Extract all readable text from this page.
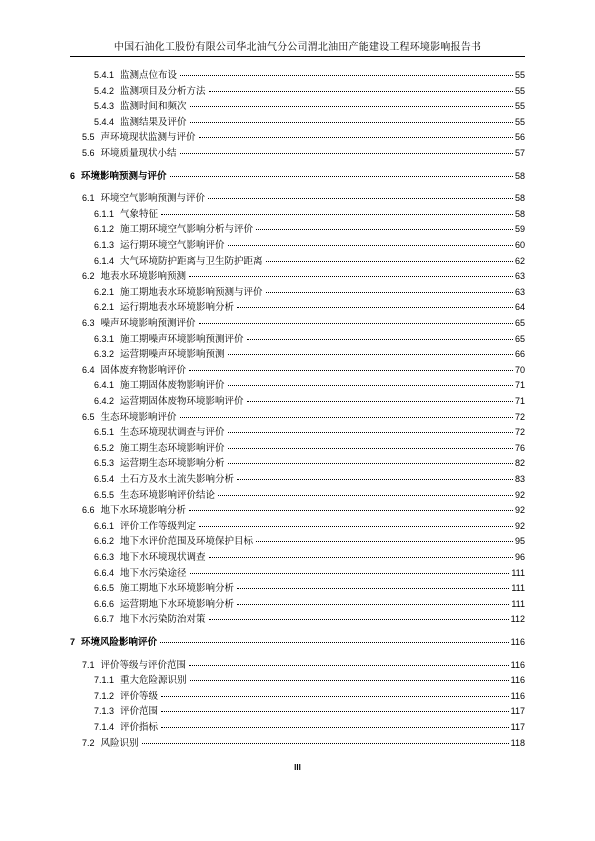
中国石油化工股份有限公司华北油气分公司渭北油田产能建设工程环境影响报告书
5.4.1 监测点位布设	55
5.4.2 监测项目及分析方法	55
5.4.3 监测时间和频次	55
5.4.4 监测结果及评价	55
5.5 声环境现状监测与评价	56
5.6 环境质量现状小结	57
6 环境影响预测与评价	58
6.1 环境空气影响预测与评价	58
6.1.1 气象特征	58
6.1.2 施工期环境空气影响分析与评价	59
6.1.3 运行期环境空气影响评价	60
6.1.4 大气环境防护距离与卫生防护距离	62
6.2 地表水环境影响预测	63
6.2.1 施工期地表水环境影响预测与评价	63
6.2.1 运行期地表水环境影响分析	64
6.3 噪声环境影响预测评价	65
6.3.1 施工期噪声环境影响预测评价	65
6.3.2 运营期噪声环境影响预测	66
6.4 固体废弃物影响评价	70
6.4.1 施工期固体废物影响评价	71
6.4.2 运营期固体废物环境影响评价	71
6.5 生态环境影响评价	72
6.5.1 生态环境现状调查与评价	72
6.5.2 施工期生态环境影响评价	76
6.5.3 运营期生态环境影响分析	82
6.5.4 土石方及水土流失影响分析	83
6.5.5 生态环境影响评价结论	92
6.6 地下水环境影响分析	92
6.6.1 评价工作等级判定	92
6.6.2 地下水评价范围及环境保护目标	95
6.6.3 地下水环境现状调查	96
6.6.4 地下水污染途径	111
6.6.5 施工期地下水环境影响分析	111
6.6.6 运营期地下水环境影响分析	111
6.6.7 地下水污染防治对策	112
7 环境风险影响评价	116
7.1 评价等级与评价范围	116
7.1.1 重大危险源识别	116
7.1.2 评价等级	116
7.1.3 评价范围	117
7.1.4 评价指标	117
7.2 风险识别	118
III
